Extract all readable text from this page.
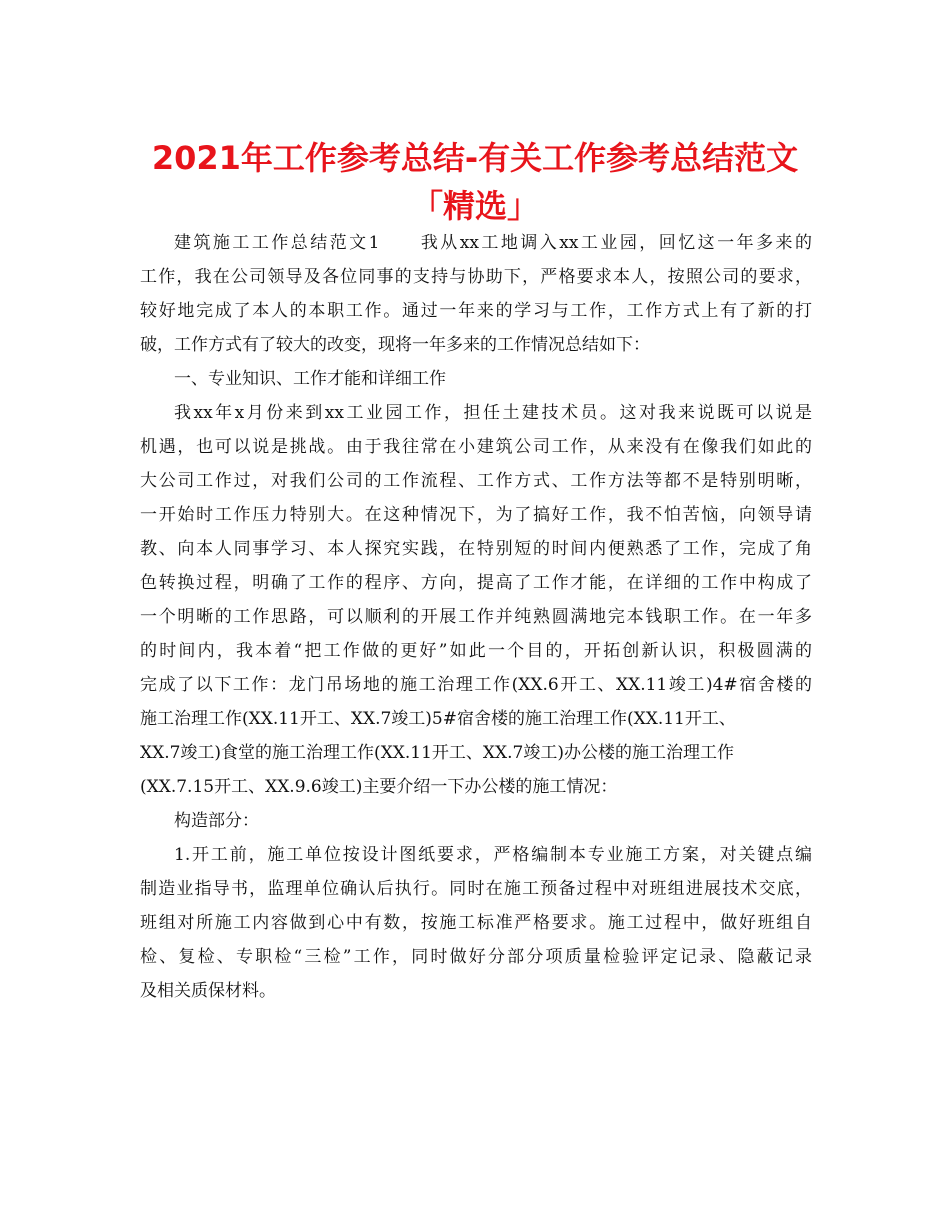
2021年工作参考总结-有关工作参考总结范文
「精选」
建筑施工工作总结范文1　　我从xx工地调入xx工业园，回忆这一年多来的
工作，我在公司领导及各位同事的支持与协助下，严格要求本人，按照公司的要求，
较好地完成了本人的本职工作。通过一年来的学习与工作，工作方式上有了新的打
破，工作方式有了较大的改变，现将一年多来的工作情况总结如下：
一、专业知识、工作才能和详细工作
我xx年x月份来到xx工业园工作，担任土建技术员。这对我来说既可以说是
机遇，也可以说是挑战。由于我往常在小建筑公司工作，从来没有在像我们如此的
大公司工作过，对我们公司的工作流程、工作方式、工作方法等都不是特别明晰，
一开始时工作压力特别大。在这种情况下，为了搞好工作，我不怕苦恼，向领导请
教、向本人同事学习、本人探究实践，在特别短的时间内便熟悉了工作，完成了角
色转换过程，明确了工作的程序、方向，提高了工作才能，在详细的工作中构成了
一个明晰的工作思路，可以顺利的开展工作并纯熟圆满地完本钱职工作。在一年多
的时间内，我本着“把工作做的更好”如此一个目的，开拓创新认识，积极圆满的
完成了以下工作：龙门吊场地的施工治理工作(XX.6开工、XX.11竣工)4#宿舍楼的
施工治理工作(XX.11开工、XX.7竣工)5#宿舍楼的施工治理工作(XX.11开工、
XX.7竣工)食堂的施工治理工作(XX.11开工、XX.7竣工)办公楼的施工治理工作
(XX.7.15开工、XX.9.6竣工)主要介绍一下办公楼的施工情况：
构造部分：
1.开工前，施工单位按设计图纸要求，严格编制本专业施工方案，对关键点编
制造业指导书，监理单位确认后执行。同时在施工预备过程中对班组进展技术交底，
班组对所施工内容做到心中有数，按施工标准严格要求。施工过程中，做好班组自
检、复检、专职检“三检”工作，同时做好分部分项质量检验评定记录、隐蔽记录
及相关质保材料。
